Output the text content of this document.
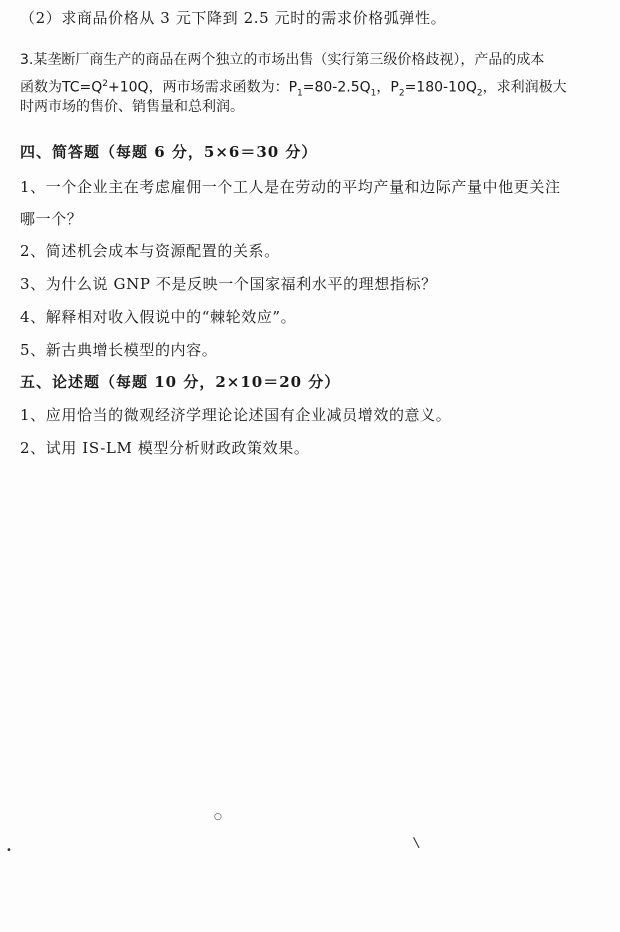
（2）求商品价格从 3 元下降到 2.5 元时的需求价格弧弹性。
3.某垄断厂商生产的商品在两个独立的市场出售（实行第三级价格歧视），产品的成本
函数为$TC=Q^2+10Q$，两市场需求函数为：$P_1=80-2.5Q_1$，$P_2=180-10Q_2$，求利润极大
时两市场的售价、销售量和总利润。
四、简答题（每题 6 分，5×6＝30 分）
1、一个企业主在考虑雇佣一个工人是在劳动的平均产量和边际产量中他更关注
哪一个？
2、简述机会成本与资源配置的关系。
3、为什么说 GNP 不是反映一个国家福利水平的理想指标？
4、解释相对收入假说中的“棘轮效应”。
5、新古典增长模型的内容。
五、论述题（每题 10 分，2×10＝20 分）
1、应用恰当的微观经济学理论论述国有企业减员增效的意义。
2、试用 IS-LM 模型分析财政政策效果。
○
•	\
